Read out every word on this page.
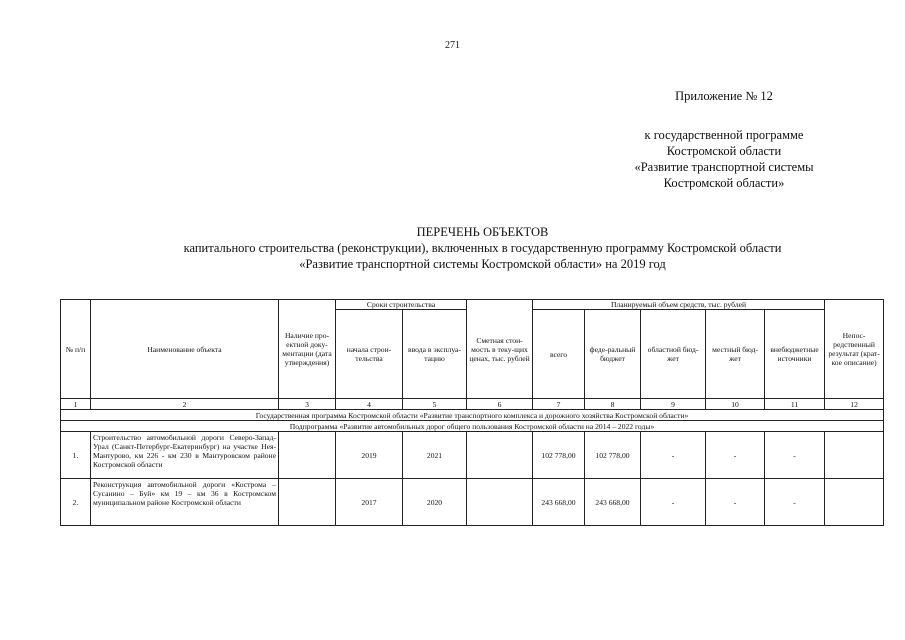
271
Приложение № 12
к государственной программе
Костромской области
«Развитие транспортной системы
Костромской области»
ПЕРЕЧЕНЬ ОБЪЕКТОВ
капитального строительства (реконструкции), включенных в государственную программу Костромской области
«Развитие транспортной системы Костромской области» на 2019 год
№ п/п	Наименование объекта	Наличие про-ектной доку-ментации (дата утверждения)	Сроки строительства		Сметная стои-мость в теку-щих ценах, тыс. рублей	Планируемый объем средств, тыс. рублей					Непос-редственный результат (крат-кое описание)
			начала строи-тельства	ввода в эксплуа-тацию		всего	феде-ральный бюджет	областной бюд-жет	местный бюд-жет	внебюджетные источники	
1	2	3	4	5	6	7	8	9	10	11	12
Государственная программа Костромской области «Развитие транспортного комплекса и дорожного хозяйства Костромской области»											
Подпрограмма «Развитие автомобильных дорог общего пользования Костромской области на 2014 – 2022 годы»											
1.	Строительство автомобильной дороги Северо-Запад-Урал (Санкт-Петербург-Екатеринбург) на участке Нея-Мантурово, км 226 - км 230 в Мантуровском районе Костромской области		2019	2021		102 778,00	102 778,00	-	-	-	
2.	Реконструкция автомобильной дороги «Кострома – Сусанино – Буй» км 19 – км 36 в Костромском муниципальном районе Костромской области		2017	2020		243 668,00	243 668,00	-	-	-	
